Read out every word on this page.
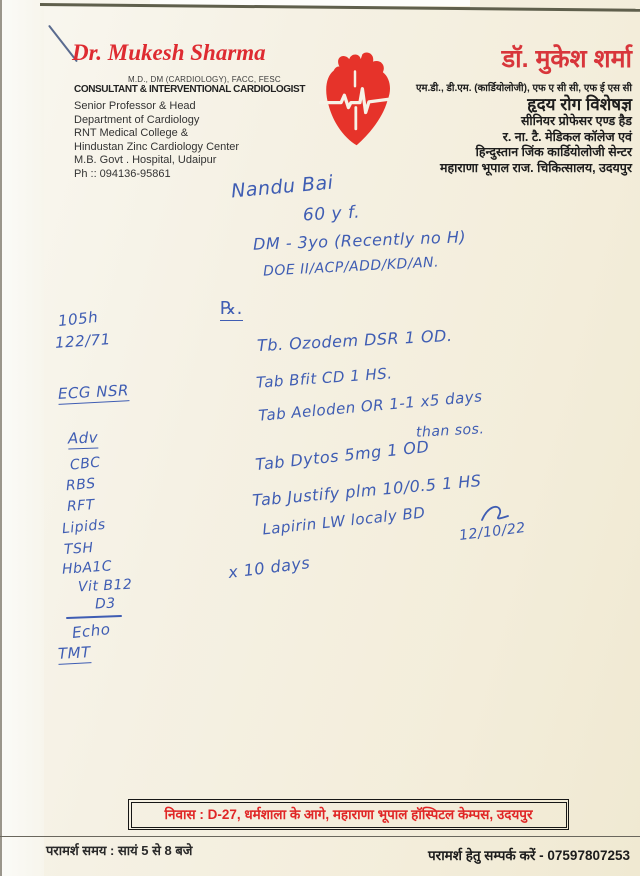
Dr. Mukesh Sharma
M.D., DM (CARDIOLOGY), FACC, FESC
CONSULTANT & INTERVENTIONAL CARDIOLOGIST
Senior Professor & Head
Department of Cardiology
RNT Medical College &
Hindustan Zinc Cardiology Center
M.B. Govt . Hospital, Udaipur
Ph :: 094136-95861
डॉ. मुकेश शर्मा
एम.डी., डी.एम. (कार्डियोलोजी), एफ ए सी सी, एफ ई एस सी
हृदय रोग विशेषज्ञ
सीनियर प्रोफेसर एण्ड हैड
र. ना. टै. मेडिकल कॉलेज एवं
हिन्दुस्तान जिंक कार्डियोलोजी सेन्टर
महाराणा भूपाल राज. चिकित्सालय, उदयपुर
Nandu Bai
60 y f.
DM - 3yo (Recently no H)
DOE II/ACP/ADD/KD/AN.
105h
122/71
ECG NSR
Adv
CBC
RBS
RFT
Lipids
TSH
HbA1C
Vit B12
D3
Echo
TMT
℞.
Tb. Ozodem DSR 1 OD.
Tab Bfit CD 1 HS.
Tab Aeloden OR 1-1 x5 days
than sos.
Tab Dytos 5mg 1 OD
Tab Justify plm 10/0.5 1 HS
Lapirin LW localy BD
x 10 days
12/10/22
निवास : D-27, धर्मशाला के आगे, महाराणा भूपाल हॉस्पिटल केम्पस, उदयपुर
परामर्श समय : सायं 5 से 8 बजे	परामर्श हेतु सम्पर्क करें - 07597807253
